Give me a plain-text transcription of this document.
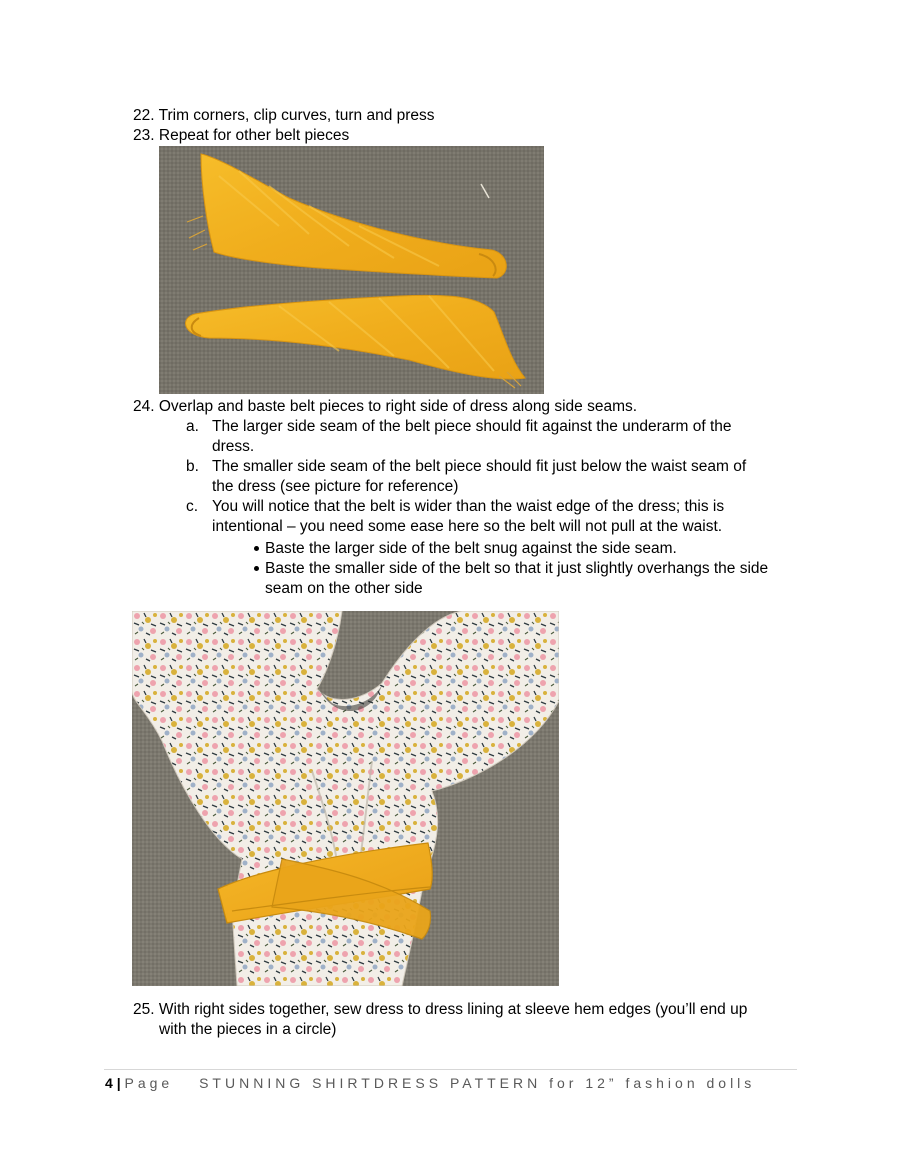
22. Trim corners, clip curves, turn and press
23. Repeat for other belt pieces
24. Overlap and baste belt pieces to right side of dress along side seams.
a. The larger side seam of the belt piece should fit against the underarm of the
dress.
b. The smaller side seam of the belt piece should fit just below the waist seam of
the dress (see picture for reference)
c. You will notice that the belt is wider than the waist edge of the dress; this is
intentional – you need some ease here so the belt will not pull at the waist.
Baste the larger side of the belt snug against the side seam.
Baste the smaller side of the belt so that it just slightly overhangs the side
seam on the other side
25. With right sides together, sew dress to dress lining at sleeve hem edges (you’ll end up
with the pieces in a circle)
4 | Page STUNNING SHIRTDRESS PATTERN for 12” fashion dolls
